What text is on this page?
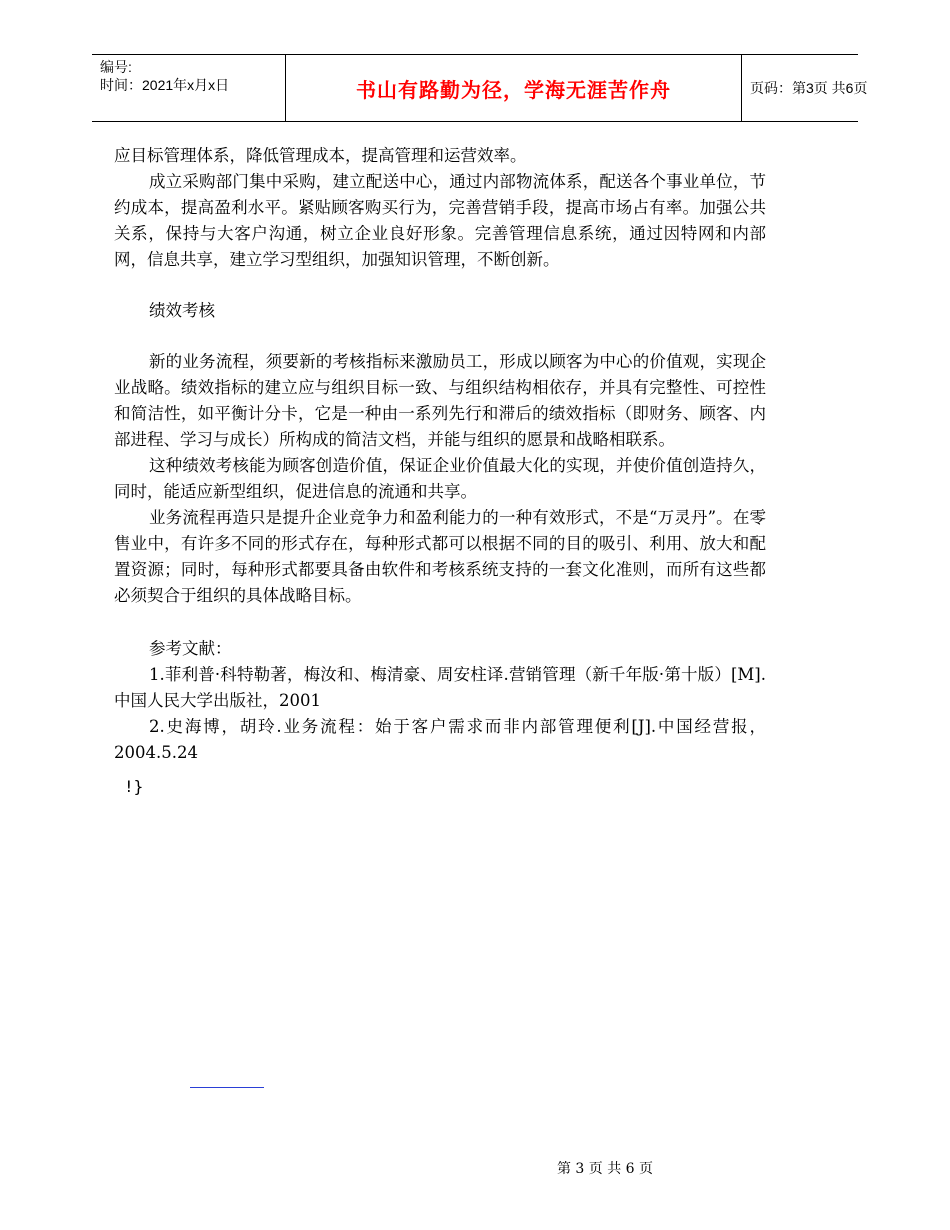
编号:
时间：2021年x月x日	书山有路勤为径，学海无涯苦作舟	页码：第3页 共6页

应目标管理体系，降低管理成本，提高管理和运营效率。

成立采购部门集中采购，建立配送中心，通过内部物流体系，配送各个事业单位，节约成本，提高盈利水平。紧贴顾客购买行为，完善营销手段，提高市场占有率。加强公共关系，保持与大客户沟通，树立企业良好形象。完善管理信息系统，通过因特网和内部网，信息共享，建立学习型组织，加强知识管理，不断创新。

绩效考核

新的业务流程，须要新的考核指标来激励员工，形成以顾客为中心的价值观，实现企业战略。绩效指标的建立应与组织目标一致、与组织结构相依存，并具有完整性、可控性和简洁性，如平衡计分卡，它是一种由一系列先行和滞后的绩效指标（即财务、顾客、内部进程、学习与成长）所构成的简洁文档，并能与组织的愿景和战略相联系。

这种绩效考核能为顾客创造价值，保证企业价值最大化的实现，并使价值创造持久，同时，能适应新型组织，促进信息的流通和共享。

业务流程再造只是提升企业竞争力和盈利能力的一种有效形式，不是“万灵丹”。在零售业中，有许多不同的形式存在，每种形式都可以根据不同的目的吸引、利用、放大和配置资源；同时，每种形式都要具备由软件和考核系统支持的一套文化准则，而所有这些都必须契合于组织的具体战略目标。

参考文献：

1.菲利普·科特勒著，梅汝和、梅清豪、周安柱译.营销管理（新千年版·第十版）[M].中国人民大学出版社，2001

2.史海博，胡玲.业务流程：始于客户需求而非内部管理便利[J].中国经营报，2004.5.24

!}

第 3 页 共 6 页
